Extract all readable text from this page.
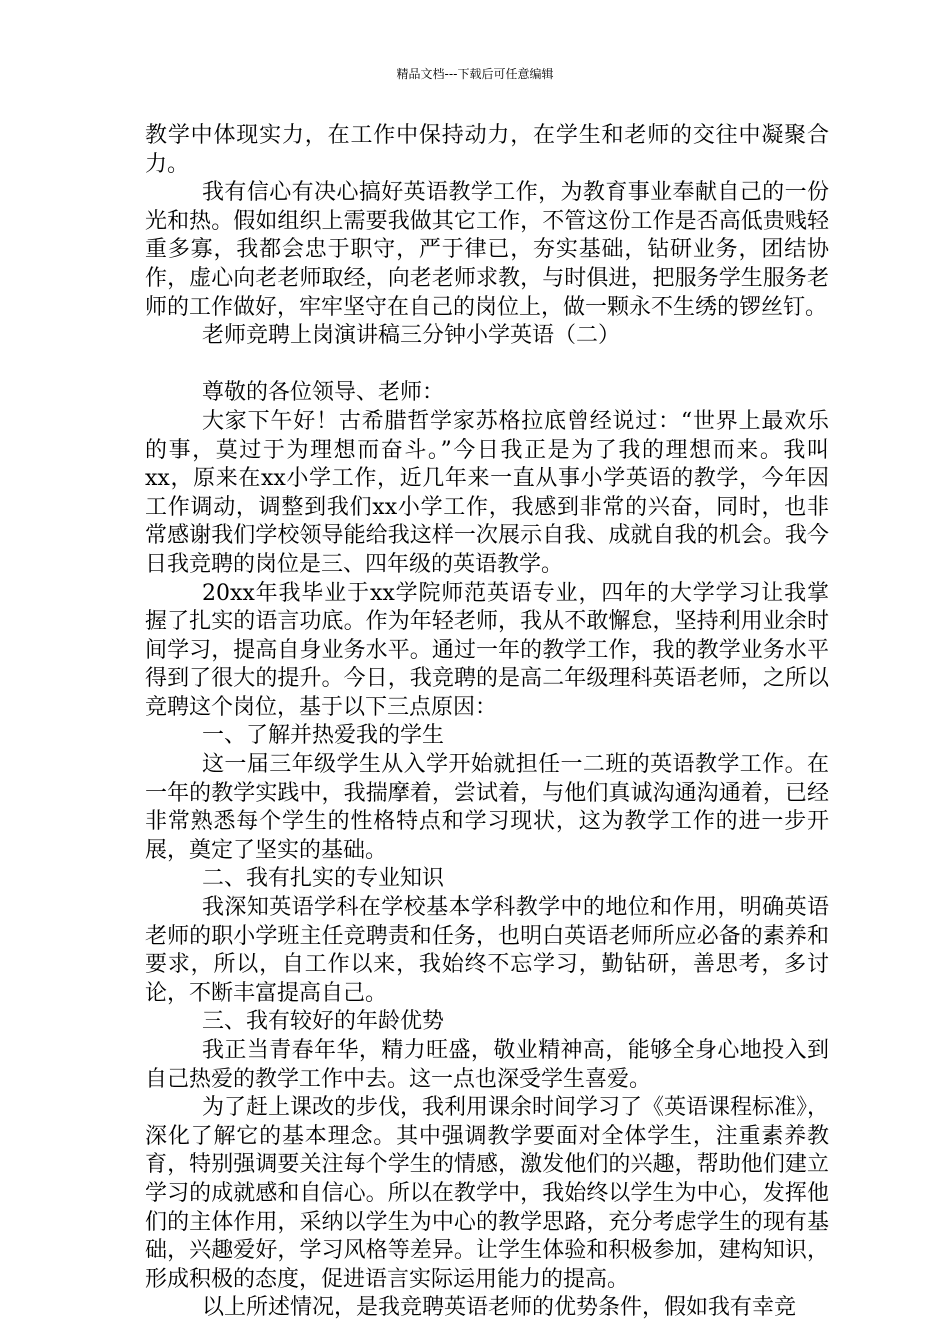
精品文档---下载后可任意编辑

教学中体现实力，在工作中保持动力，在学生和老师的交往中凝聚合力。

我有信心有决心搞好英语教学工作，为教育事业奉献自己的一份光和热。假如组织上需要我做其它工作，不管这份工作是否高低贵贱轻重多寡，我都会忠于职守，严于律已，夯实基础，钻研业务，团结协作，虚心向老老师取经，向老老师求教，与时俱进，把服务学生服务老师的工作做好，牢牢坚守在自己的岗位上，做一颗永不生绣的锣丝钉。

老师竞聘上岗演讲稿三分钟小学英语（二）

尊敬的各位领导、老师：

大家下午好！古希腊哲学家苏格拉底曾经说过：“世界上最欢乐的事，莫过于为理想而奋斗。”今日我正是为了我的理想而来。我叫xx，原来在xx小学工作，近几年来一直从事小学英语的教学，今年因工作调动，调整到我们xx小学工作，我感到非常的兴奋，同时，也非常感谢我们学校领导能给我这样一次展示自我、成就自我的机会。我今日我竞聘的岗位是三、四年级的英语教学。

20xx年我毕业于xx学院师范英语专业，四年的大学学习让我掌握了扎实的语言功底。作为年轻老师，我从不敢懈怠，坚持利用业余时间学习，提高自身业务水平。通过一年的教学工作，我的教学业务水平得到了很大的提升。今日，我竞聘的是高二年级理科英语老师，之所以竞聘这个岗位，基于以下三点原因：

一、了解并热爱我的学生

这一届三年级学生从入学开始就担任一二班的英语教学工作。在一年的教学实践中，我揣摩着，尝试着，与他们真诚沟通沟通着，已经非常熟悉每个学生的性格特点和学习现状，这为教学工作的进一步开展，奠定了坚实的基础。

二、我有扎实的专业知识

我深知英语学科在学校基本学科教学中的地位和作用，明确英语老师的职小学班主任竞聘责和任务，也明白英语老师所应必备的素养和要求，所以，自工作以来，我始终不忘学习，勤钻研，善思考，多讨论，不断丰富提高自己。

三、我有较好的年龄优势

我正当青春年华，精力旺盛，敬业精神高，能够全身心地投入到自己热爱的教学工作中去。这一点也深受学生喜爱。

为了赶上课改的步伐，我利用课余时间学习了《英语课程标准》，深化了解它的基本理念。其中强调教学要面对全体学生，注重素养教育，特别强调要关注每个学生的情感，激发他们的兴趣，帮助他们建立学习的成就感和自信心。所以在教学中，我始终以学生为中心，发挥他们的主体作用，采纳以学生为中心的教学思路，充分考虑学生的现有基础，兴趣爱好，学习风格等差异。让学生体验和积极参加，建构知识，形成积极的态度，促进语言实际运用能力的提高。

以上所述情况，是我竞聘英语老师的优势条件，假如我有幸竞
